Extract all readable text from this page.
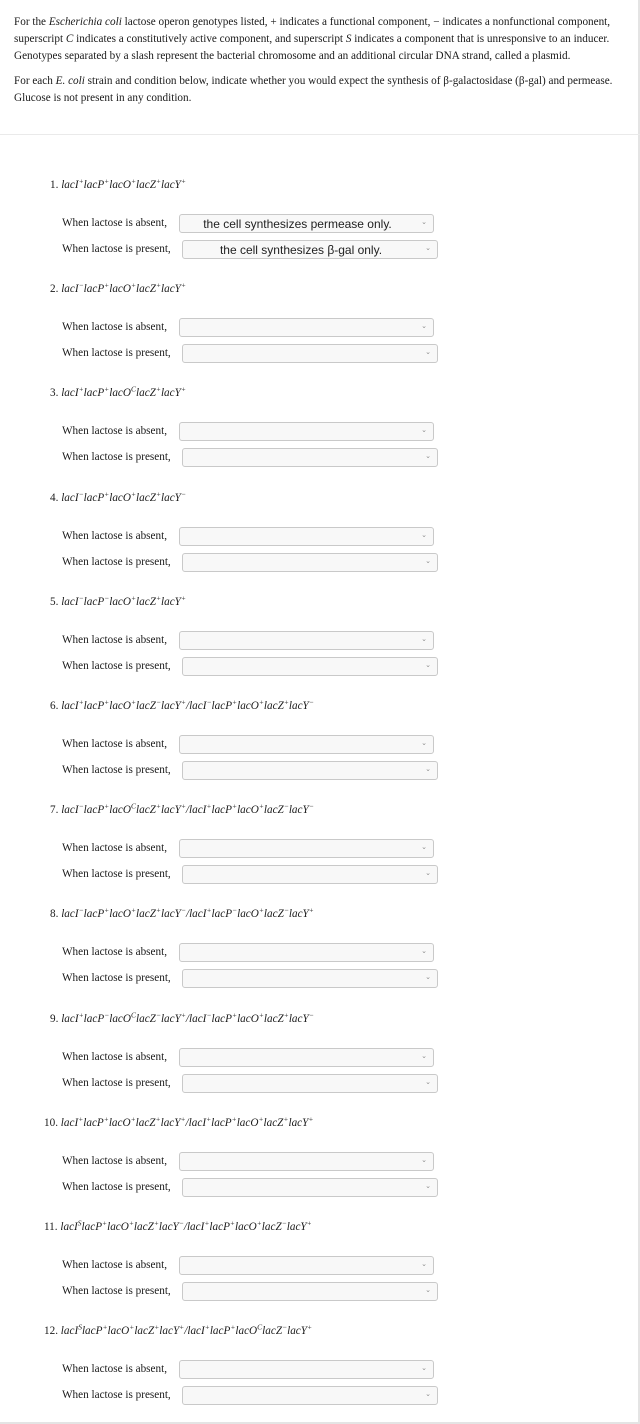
For the Escherichia coli lactose operon genotypes listed, + indicates a functional component, − indicates a nonfunctional component, superscript C indicates a constitutively active component, and superscript S indicates a component that is unresponsive to an inducer. Genotypes separated by a slash represent the bacterial chromosome and an additional circular DNA strand, called a plasmid.

For each E. coli strain and condition below, indicate whether you would expect the synthesis of β-galactosidase (β-gal) and permease. Glucose is not present in any condition.

1. lacI+lacP+lacO+lacZ+lacY+
When lactose is absent,	the cell synthesizes permease only.	⌄
When lactose is present,	the cell synthesizes β-gal only.	⌄
2. lacI−lacP+lacO+lacZ+lacY+
When lactose is absent,	⌄
When lactose is present,	⌄
3. lacI+lacP+lacO$^C$lacZ+lacY+
When lactose is absent,	⌄
When lactose is present,	⌄
4. lacI−lacP+lacO+lacZ+lacY−
When lactose is absent,	⌄
When lactose is present,	⌄
5. lacI−lacP−lacO+lacZ+lacY+
When lactose is absent,	⌄
When lactose is present,	⌄
6. lacI+lacP+lacO+lacZ−lacY+/lacI−lacP+lacO+lacZ+lacY−
When lactose is absent,	⌄
When lactose is present,	⌄
7. lacI−lacP+lacO$^C$lacZ+lacY+/lacI+lacP+lacO+lacZ−lacY−
When lactose is absent,	⌄
When lactose is present,	⌄
8. lacI−lacP+lacO+lacZ+lacY−/lacI+lacP−lacO+lacZ−lacY+
When lactose is absent,	⌄
When lactose is present,	⌄
9. lacI+lacP−lacO$^C$lacZ−lacY+/lacI−lacP+lacO+lacZ+lacY−
When lactose is absent,	⌄
When lactose is present,	⌄
10. lacI+lacP+lacO+lacZ+lacY+/lacI+lacP+lacO+lacZ+lacY+
When lactose is absent,	⌄
When lactose is present,	⌄
11. lacI$^S$lacP+lacO+lacZ+lacY−/lacI+lacP+lacO+lacZ−lacY+
When lactose is absent,	⌄
When lactose is present,	⌄
12. lacI$^S$lacP+lacO+lacZ+lacY+/lacI+lacP+lacO$^C$lacZ−lacY+
When lactose is absent,	⌄
When lactose is present,	⌄
